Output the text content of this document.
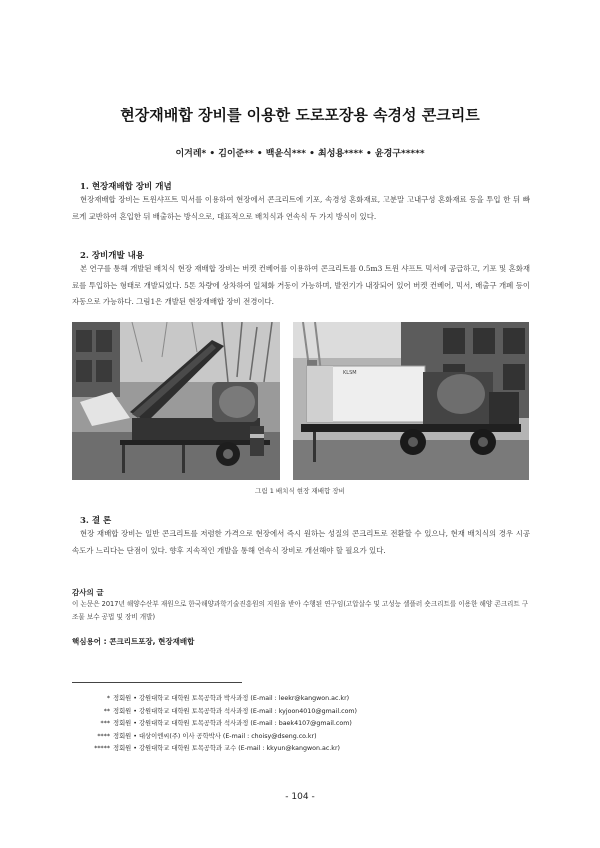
현장재배합 장비를 이용한 도로포장용 속경성 콘크리트
이겨레* • 김이준** • 백윤식*** • 최성용**** • 윤경구*****
1. 현장재배합 장비 개념
현장재배합 장비는 트윈샤프트 믹서를 이용하여 현장에서 콘크리트에 기포, 속경성 혼화재료, 고분말 고내구성 혼화재료 등을 투입 한 뒤 빠르게 교반하여 혼입한 뒤 배출하는 방식으로, 대표적으로 배치식과 연속식 두 가지 방식이 있다.
2. 장비개발 내용
본 연구를 통해 개발된 배치식 현장 재배합 장비는 버켓 컨베어를 이용하여 콘크리트를 0.5m3 트윈 샤프트 믹서에 공급하고, 기포 및 혼화재료를 투입하는 형태로 개발되었다. 5톤 차량에 상차하여 일체화 거동이 가능하며, 발전기가 내장되어 있어 버켓 컨베어, 믹서, 배출구 개폐 등이 자동으로 가능하다. 그림1은 개발된 현장재배합 장비 전경이다.
KLSM
그림 1 배치식 현장 재배합 장비
3. 결 론
현장 재배합 장비는 일반 콘크리트를 저렴한 가격으로 현장에서 즉시 원하는 성질의 콘크리트로 전환할 수 있으나, 현재 배치식의 경우 시공 속도가 느리다는 단점이 있다. 향후 지속적인 개발을 통해 연속식 장비로 개선해야 할 필요가 있다.
감사의 글
이 논문은 2017년 해양수산부 재원으로 한국해양과학기술진흥원의 지원을 받아 수행된 연구임(고압살수 및 고성능 셀플러 숏크리트를 이용한 해양 콘크리트 구조물 보수 공법 및 장비 개발)
핵심용어 : 콘크리트포장, 현장재배합
* 정회원 • 강원대학교 대학원 토목공학과 박사과정 (E-mail : leekr@kangwon.ac.kr)
** 정회원 • 강원대학교 대학원 토목공학과 석사과정 (E-mail : kyjoon4010@gmail.com)
*** 정회원 • 강원대학교 대학원 토목공학과 석사과정 (E-mail : baek4107@gmail.com)
**** 정회원 • 대상이엔씨(주) 이사 공학박사 (E-mail : choisy@dseng.co.kr)
***** 정회원 • 강원대학교 대학원 토목공학과 교수 (E-mail : kkyun@kangwon.ac.kr)
- 104 -
